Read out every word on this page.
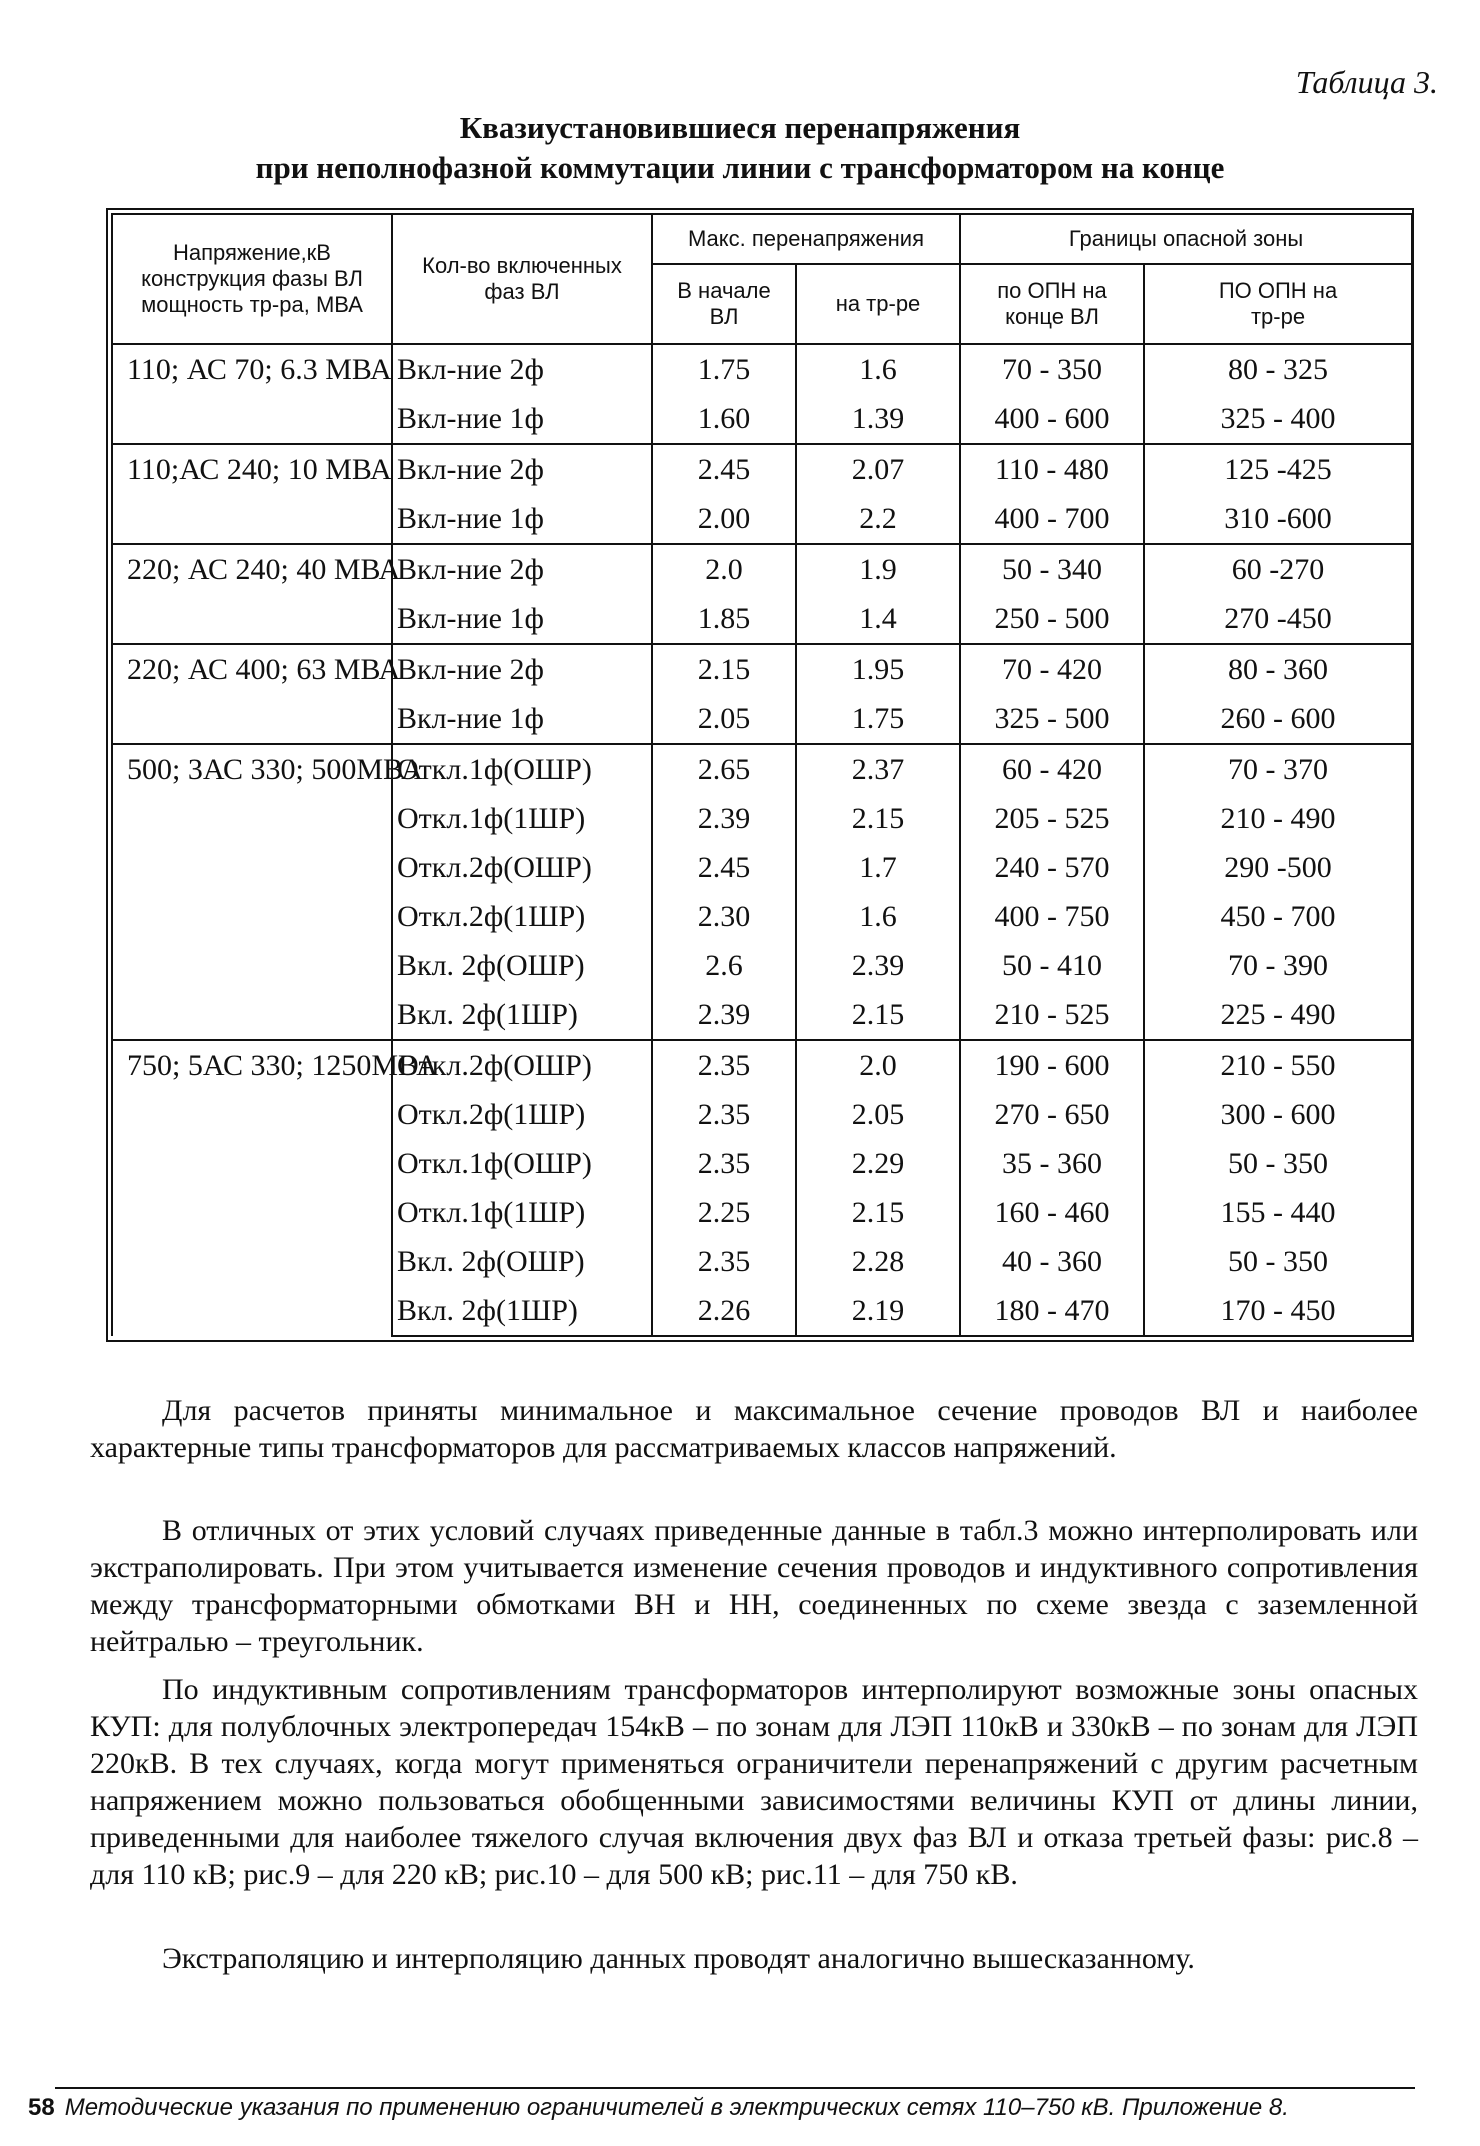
Таблица 3.
Квазиустановившиеся перенапряжения
при неполнофазной коммутации линии с трансформатором на конце
Напряжение,кВ конструкция фазы ВЛ мощность тр-ра, МВА	Кол-во включенных фаз ВЛ	Макс. перенапряжения		Границы опасной зоны	
		В начале ВЛ	на тр-ре	по ОПН на конце ВЛ	ПО ОПН на тр-ре
110; АС 70; 6.3 МВА	Вкл-ние 2ф	1.75	1.6	70 - 350	80 - 325
	Вкл-ние 1ф	1.60	1.39	400 - 600	325 - 400
110;АС 240; 10 МВА	Вкл-ние 2ф	2.45	2.07	110 - 480	125 -425
	Вкл-ние 1ф	2.00	2.2	400 - 700	310 -600
220; АС 240; 40 МВА	Вкл-ние 2ф	2.0	1.9	50 - 340	60 -270
	Вкл-ние 1ф	1.85	1.4	250 - 500	270 -450
220; АС 400; 63 МВА	Вкл-ние 2ф	2.15	1.95	70 - 420	80 - 360
	Вкл-ние 1ф	2.05	1.75	325 - 500	260 - 600
500; 3АС 330; 500МВА	Откл.1ф(ОШР)	2.65	2.37	60 - 420	70 - 370
	Откл.1ф(1ШР)	2.39	2.15	205 - 525	210 - 490
	Откл.2ф(ОШР)	2.45	1.7	240 - 570	290 -500
	Откл.2ф(1ШР)	2.30	1.6	400 - 750	450 - 700
	Вкл. 2ф(ОШР)	2.6	2.39	50 - 410	70 - 390
	Вкл. 2ф(1ШР)	2.39	2.15	210 - 525	225 - 490
750; 5АС 330; 1250МВА	Откл.2ф(ОШР)	2.35	2.0	190 - 600	210 - 550
	Откл.2ф(1ШР)	2.35	2.05	270 - 650	300 - 600
	Откл.1ф(ОШР)	2.35	2.29	35 - 360	50 - 350
	Откл.1ф(1ШР)	2.25	2.15	160 - 460	155 - 440
	Вкл. 2ф(ОШР)	2.35	2.28	40 - 360	50 - 350
	Вкл. 2ф(1ШР)	2.26	2.19	180 - 470	170 - 450

Для расчетов приняты минимальное и максимальное сечение проводов ВЛ и наиболее характерные типы трансформаторов для рассматриваемых классов напряжений.

В отличных от этих условий случаях приведенные данные в табл.3 можно интерполировать или экстраполировать. При этом учитывается изменение сечения проводов и индуктивного сопротивления между трансформаторными обмотками ВН и НН, соединенных по схеме звезда с заземленной нейтралью – треугольник.

По индуктивным сопротивлениям трансформаторов интерполируют возможные зоны опасных КУП: для полублочных электропередач 154кВ – по зонам для ЛЭП 110кВ и 330кВ – по зонам для ЛЭП 220кВ. В тех случаях, когда могут применяться ограничители перенапряжений с другим расчетным напряжением можно пользоваться обобщенными зависимостями величины КУП от длины линии, приведенными для наиболее тяжелого случая включения двух фаз ВЛ и отказа третьей фазы: рис.8 – для 110 кВ; рис.9 – для 220 кВ; рис.10 – для 500 кВ; рис.11 – для 750 кВ.

Экстраполяцию и интерполяцию данных проводят аналогично вышесказанному.

58 Методические указания по применению ограничителей в электрических сетях 110–750 кВ. Приложение 8.
